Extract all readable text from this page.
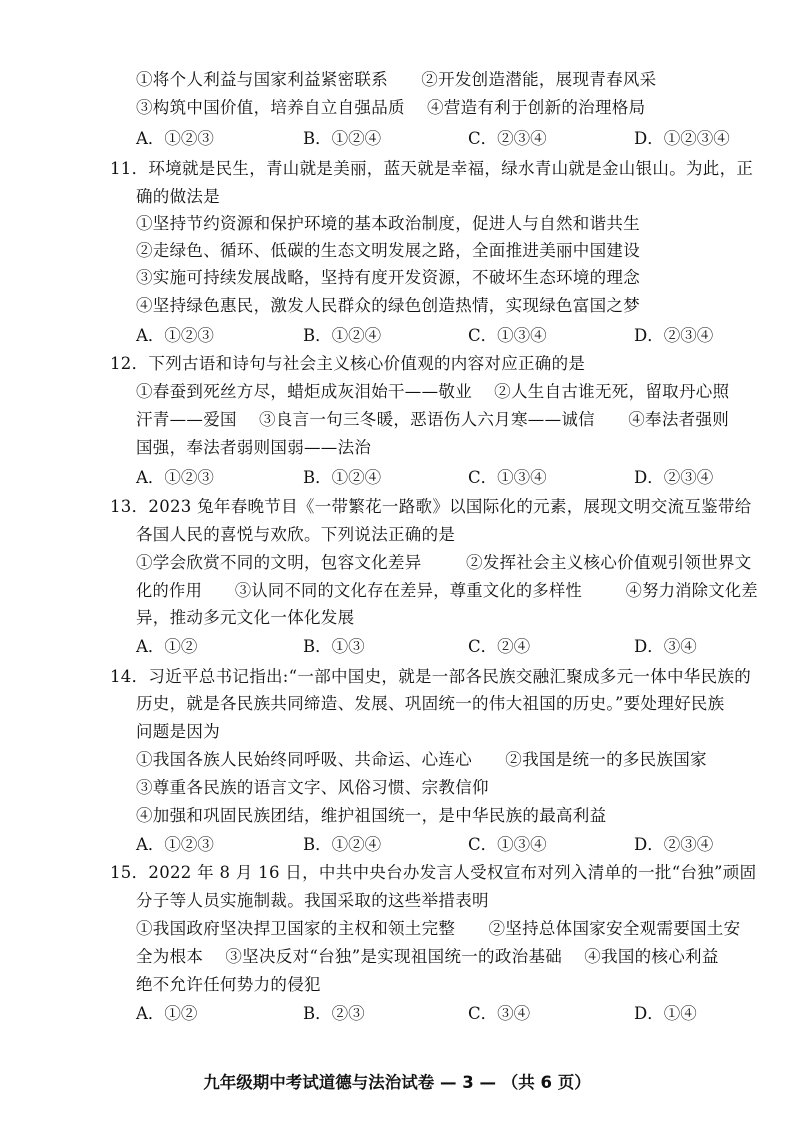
①将个人利益与国家利益紧密联系      ②开发创造潜能，展现青春风采
③构筑中国价值，培养自立自强品质    ④营造有利于创新的治理格局
A．①②③	B．①②④	C．②③④	D．①②③④
11．环境就是民生，青山就是美丽，蓝天就是幸福，绿水青山就是金山银山。为此，正
确的做法是
①坚持节约资源和保护环境的基本政治制度，促进人与自然和谐共生
②走绿色、循环、低碳的生态文明发展之路，全面推进美丽中国建设
③实施可持续发展战略，坚持有度开发资源，不破坏生态环境的理念
④坚持绿色惠民，激发人民群众的绿色创造热情，实现绿色富国之梦
A．①②③	B．①②④	C．①③④	D．②③④
12．下列古语和诗句与社会主义核心价值观的内容对应正确的是
①春蚕到死丝方尽，蜡炬成灰泪始干——敬业    ②人生自古谁无死，留取丹心照
汗青——爱国    ③良言一句三冬暖，恶语伤人六月寒——诚信      ④奉法者强则
国强，奉法者弱则国弱——法治
A．①②③	B．①②④	C．①③④	D．②③④
13．2023 兔年春晚节目《一带繁花一路歌》以国际化的元素，展现文明交流互鉴带给
各国人民的喜悦与欢欣。下列说法正确的是
①学会欣赏不同的文明，包容文化差异        ②发挥社会主义核心价值观引领世界文
化的作用      ③认同不同的文化存在差异，尊重文化的多样性        ④努力消除文化差
异，推动多元文化一体化发展
A．①②	B．①③	C．②④	D．③④
14．习近平总书记指出:“一部中国史，就是一部各民族交融汇聚成多元一体中华民族的
历史，就是各民族共同缔造、发展、巩固统一的伟大祖国的历史。”要处理好民族
问题是因为
①我国各族人民始终同呼吸、共命运、心连心      ②我国是统一的多民族国家
③尊重各民族的语言文字、风俗习惯、宗教信仰
④加强和巩固民族团结，维护祖国统一，是中华民族的最高利益
A．①②③	B．①②④	C．①③④	D．②③④
15．2022 年 8 月 16 日，中共中央台办发言人受权宣布对列入清单的一批“台独”顽固
分子等人员实施制裁。我国采取的这些举措表明
①我国政府坚决捍卫国家的主权和领土完整      ②坚持总体国家安全观需要国土安
全为根本    ③坚决反对“台独”是实现祖国统一的政治基础    ④我国的核心利益
绝不允许任何势力的侵犯
A．①②	B．②③	C．③④	D．①④
九年级期中考试道德与法治试卷 — 3 — （共 6 页）
